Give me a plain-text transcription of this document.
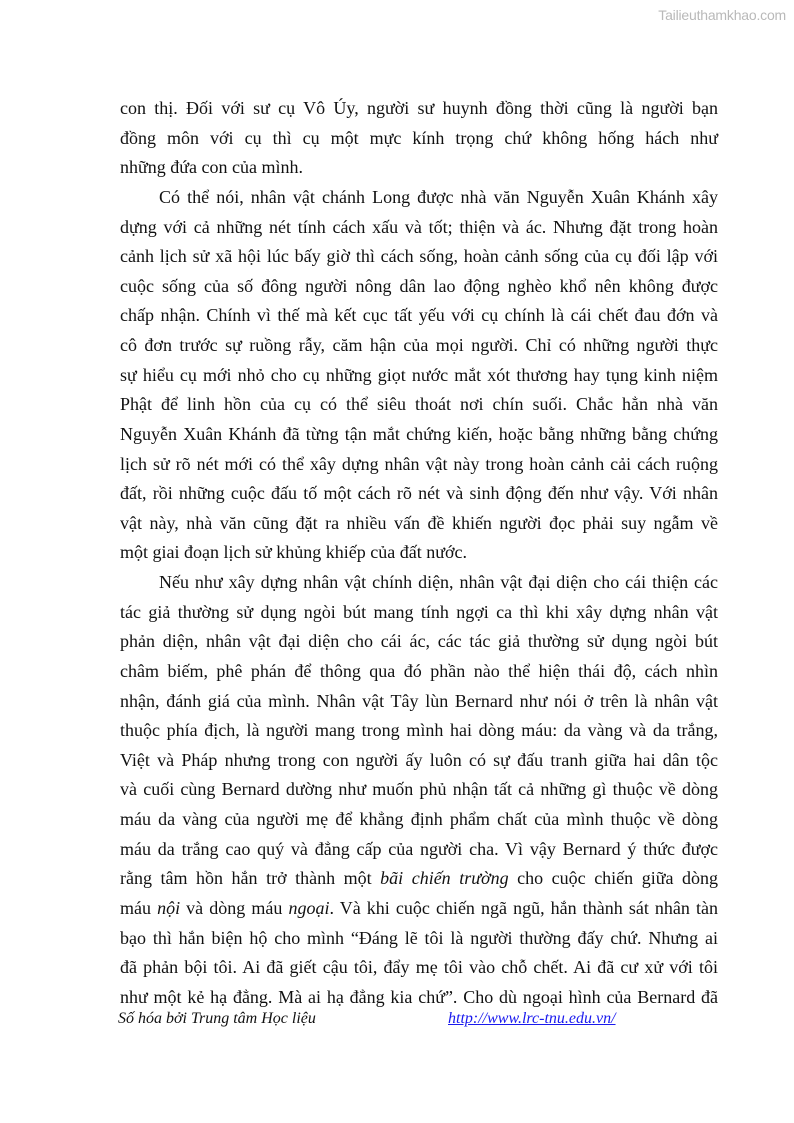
Tailieuthamkhao.com
con thị. Đối với sư cụ Vô Úy, người sư huynh đồng thời cũng là người bạn
đồng môn với cụ thì cụ một mực kính trọng chứ không hống hách như
những đứa con của mình.
Có thể nói, nhân vật chánh Long được nhà văn Nguyễn Xuân Khánh xây
dựng với cả những nét tính cách xấu và tốt; thiện và ác. Nhưng đặt trong hoàn
cảnh lịch sử xã hội lúc bấy giờ thì cách sống, hoàn cảnh sống của cụ đối lập với
cuộc sống của số đông người nông dân lao động nghèo khổ nên không được
chấp nhận. Chính vì thế mà kết cục tất yếu với cụ chính là cái chết đau đớn và
cô đơn trước sự ruồng rẫy, căm hận của mọi người. Chỉ có những người thực
sự hiểu cụ mới nhỏ cho cụ những giọt nước mắt xót thương hay tụng kinh niệm
Phật để linh hồn của cụ có thể siêu thoát nơi chín suối. Chắc hẳn nhà văn
Nguyễn Xuân Khánh đã từng tận mắt chứng kiến, hoặc bằng những bằng chứng
lịch sử rõ nét mới có thể xây dựng nhân vật này trong hoàn cảnh cải cách ruộng
đất, rồi những cuộc đấu tố một cách rõ nét và sinh động đến như vậy. Với nhân
vật này, nhà văn cũng đặt ra nhiều vấn đề khiến người đọc phải suy ngẫm về
một giai đoạn lịch sử khủng khiếp của đất nước.
Nếu như xây dựng nhân vật chính diện, nhân vật đại diện cho cái thiện các
tác giả thường sử dụng ngòi bút mang tính ngợi ca thì khi xây dựng nhân vật
phản diện, nhân vật đại diện cho cái ác, các tác giả thường sử dụng ngòi bút
châm biếm, phê phán để thông qua đó phần nào thể hiện thái độ, cách nhìn
nhận, đánh giá của mình. Nhân vật Tây lùn Bernard như nói ở trên là nhân vật
thuộc phía địch, là người mang trong mình hai dòng máu: da vàng và da trắng,
Việt và Pháp nhưng trong con người ấy luôn có sự đấu tranh giữa hai dân tộc
và cuối cùng Bernard dường như muốn phủ nhận tất cả những gì thuộc về dòng
máu da vàng của người mẹ để khẳng định phẩm chất của mình thuộc về dòng
máu da trắng cao quý và đẳng cấp của người cha. Vì vậy Bernard ý thức được
rằng tâm hồn hắn trở thành một bãi chiến trường cho cuộc chiến giữa dòng
máu nội và dòng máu ngoại. Và khi cuộc chiến ngã ngũ, hắn thành sát nhân tàn
bạo thì hắn biện hộ cho mình “Đáng lẽ tôi là người thường đấy chứ. Nhưng ai
đã phản bội tôi. Ai đã giết cậu tôi, đẩy mẹ tôi vào chỗ chết. Ai đã cư xử với tôi
như một kẻ hạ đẳng. Mà ai hạ đẳng kia chứ”. Cho dù ngoại hình của Bernard đã
Số hóa bởi Trung tâm Học liệu	http://www.lrc-tnu.edu.vn/
